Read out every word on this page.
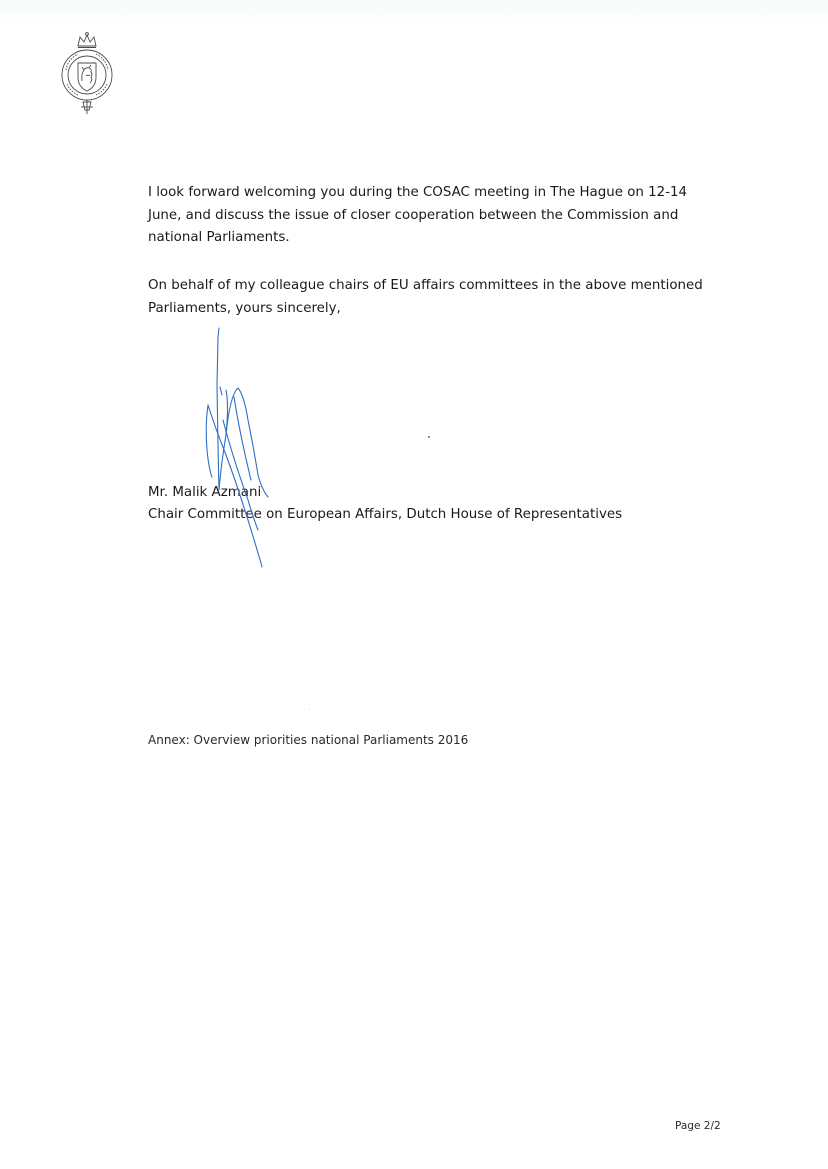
I look forward welcoming you during the COSAC meeting in The Hague on 12-14 June, and discuss the issue of closer cooperation between the Commission and national Parliaments.

On behalf of my colleague chairs of EU affairs committees in the above mentioned Parliaments, yours sincerely,

Mr. Malik Azmani
Chair Committee on European Affairs, Dutch House of Representatives
Annex: Overview priorities national Parliaments 2016
Page 2/2
